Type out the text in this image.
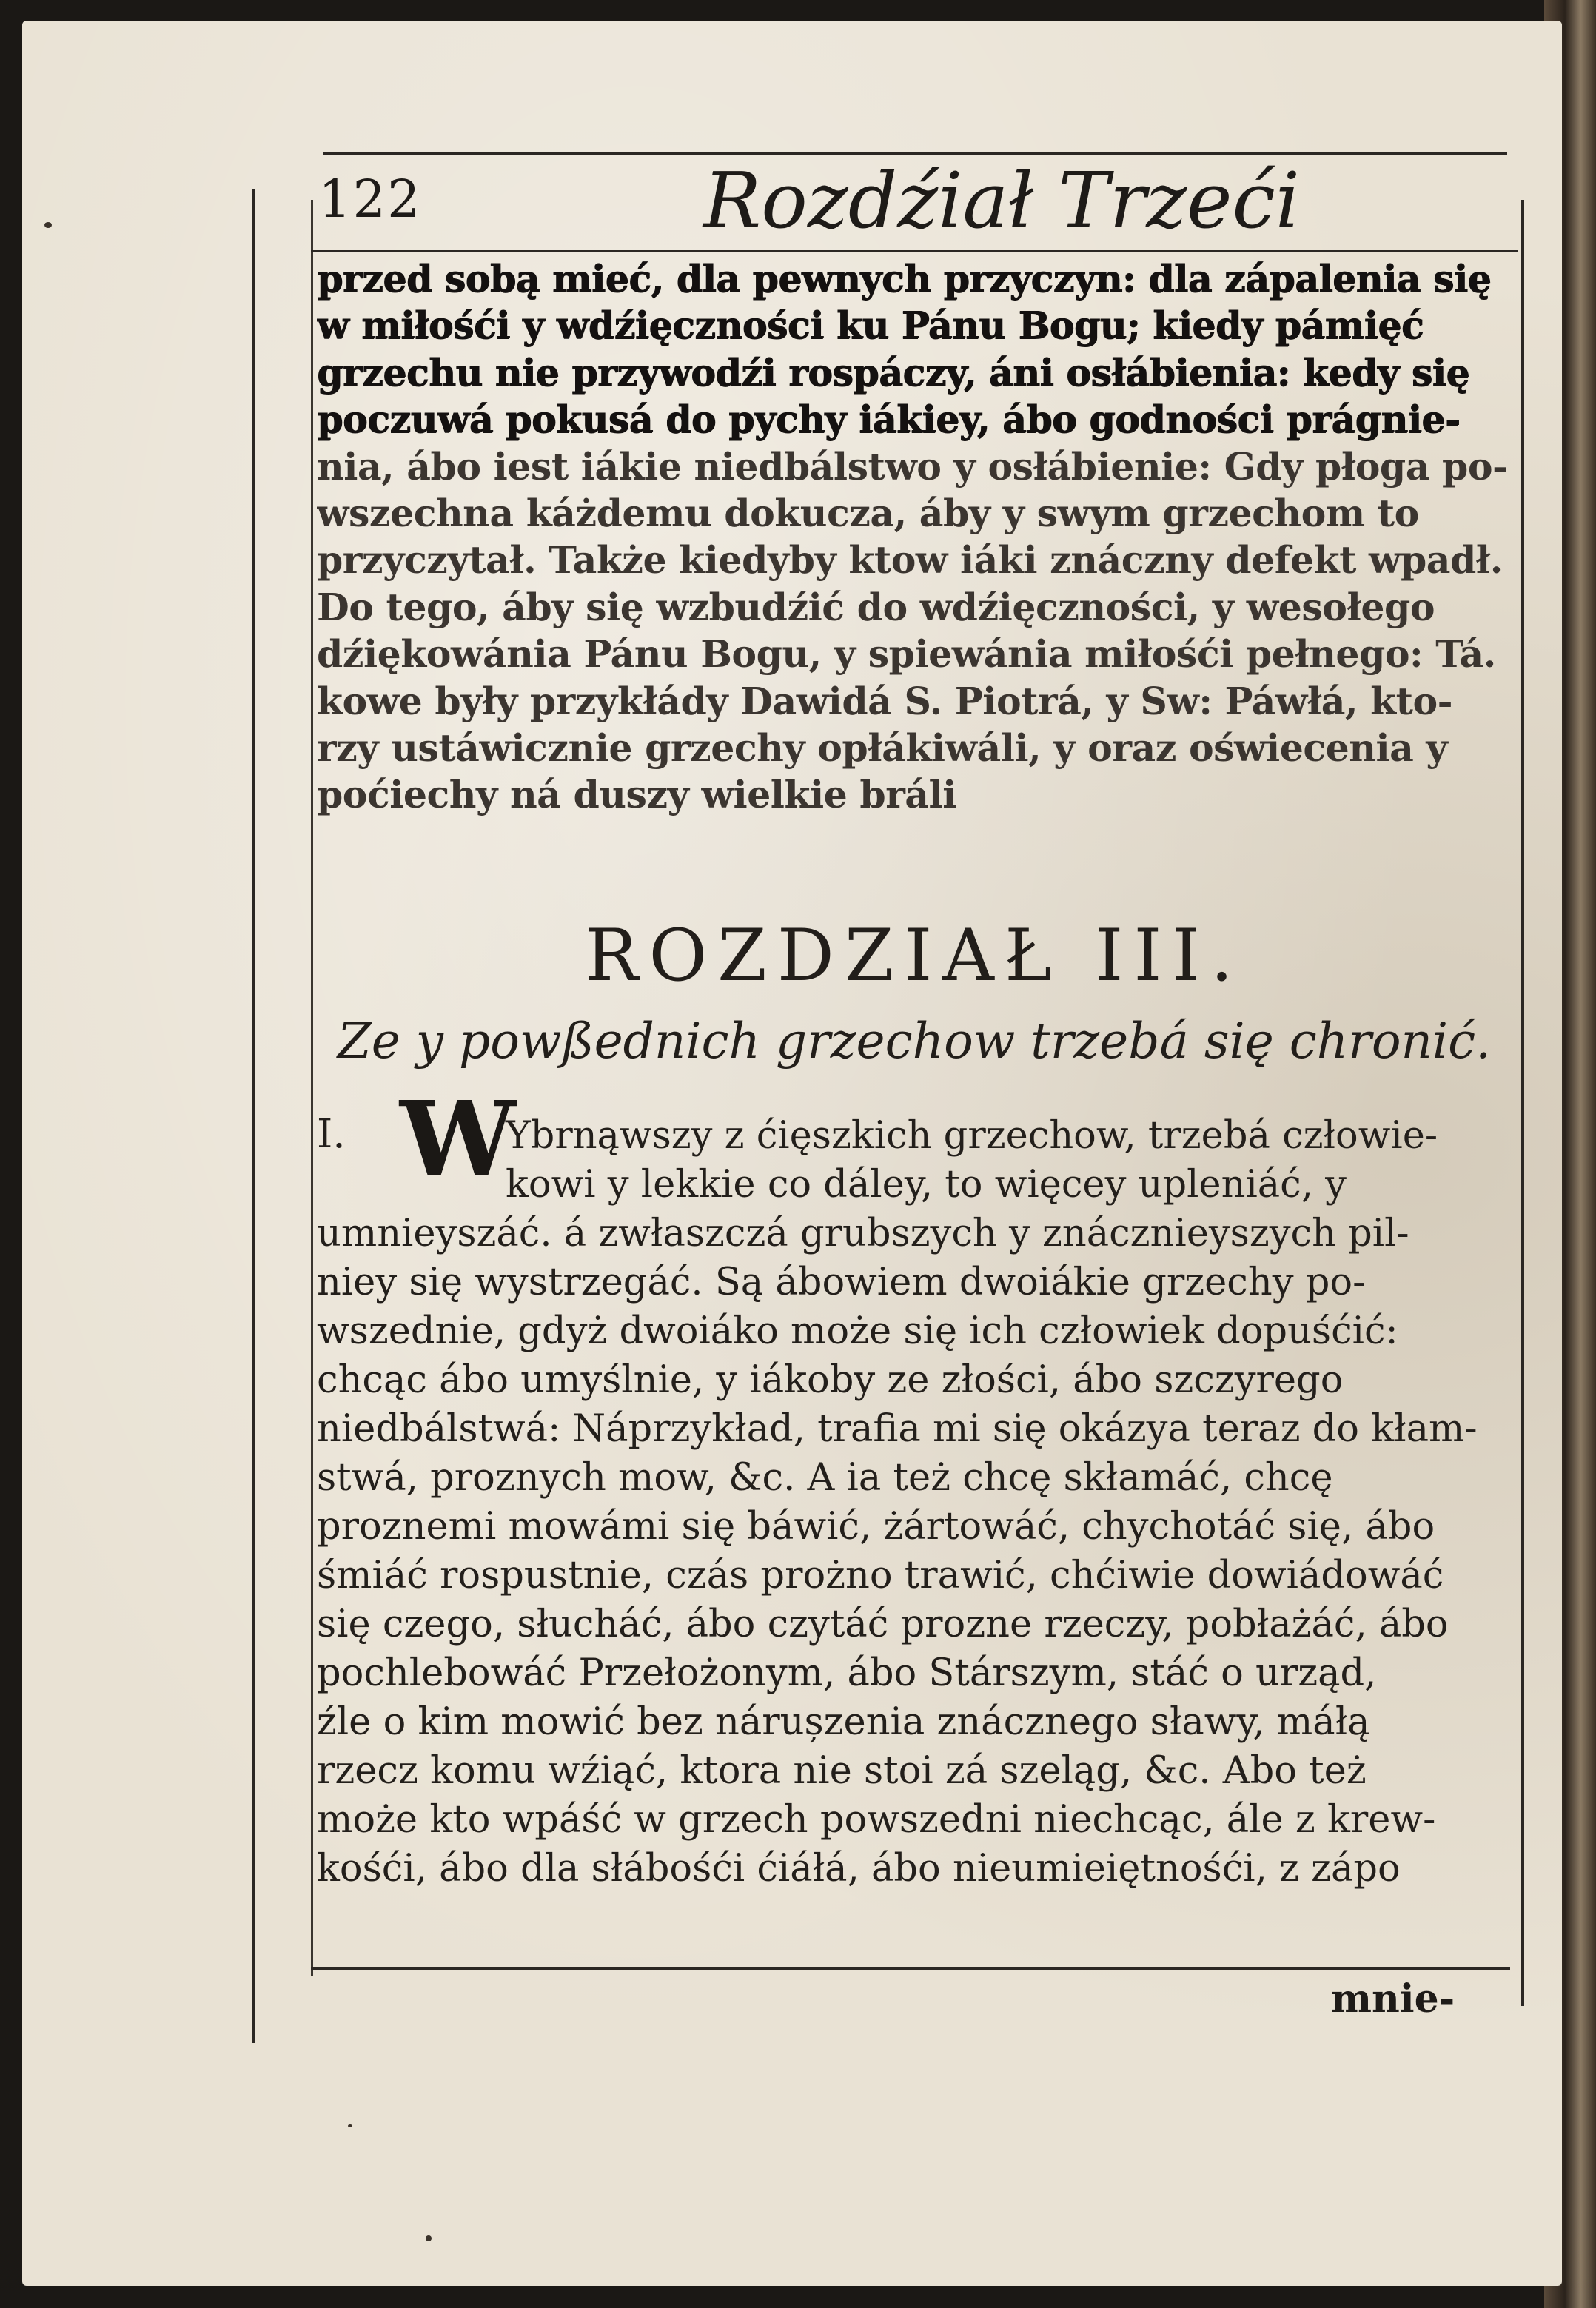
122	Rozdźiał Trzeći
przed sobą mieć, dla pewnych przyczyn: dla zápalenia się
w miłośći y wdźięczności ku Pánu Bogu; kiedy pámięć
grzechu nie przywodźi rospáczy, áni osłábienia: kedy się
poczuwá pokusá do pychy iákiey, ábo godności prágnie-
nia, ábo iest iákie niedbálstwo y osłábienie: Gdy płoga po-
wszechna káżdemu dokucza, áby y swym grzechom to
przyczytał. Także kiedyby ktow iáki znáczny defekt wpadł.
Do tego, áby się wzbudźić do wdźięczności, y wesołego
dźiękowánia Pánu Bogu, y spiewánia miłośći pełnego: Tá.
kowe były przykłády Dawidá S. Piotrá, y Sw: Páwłá, kto-
rzy ustáwicznie grzechy opłákiwáli, y oraz oświecenia y
poćiechy ná duszy wielkie bráli
ROZDZIAŁ III.
Ze y powßednich grzechow trzebá się chronić.
I. W
Ybrnąwszy z ćięszkich grzechow, trzebá człowie-
kowi y lekkie co dáley, to więcey upleniáć, y
umnieyszáć. á zwłaszczá grubszych y znácznieyszych pil-
niey się wystrzegáć. Są ábowiem dwoiákie grzechy po-
wszednie, gdyż dwoiáko może się ich człowiek dopuśćić:
chcąc ábo umyślnie, y iákoby ze złości, ábo szczyrego
niedbálstwá: Náprzykład, trafia mi się okázya teraz do kłam-
stwá, proznych mow, &c. A ia też chcę skłamáć, chcę
proznemi mowámi się báwić, żártowáć, chychotáć się, ábo
śmiáć rospustnie, czás prożno trawić, chćiwie dowiádowáć
się czego, słucháć, ábo czytáć prozne rzeczy, pobłażáć, ábo
pochlebowáć Przełożonym, ábo Stárszym, stáć o urząd,
źle o kim mowić bez nárușzenia znácznego sławy, máłą
rzecz komu wźiąć, ktora nie stoi zá szeląg, &c. Abo też
może kto wpáść w grzech powszedni niechcąc, ále z krew-
kośći, ábo dla słábośći ćiáłá, ábo nieumieiętnośći, z zápo
mnie-
